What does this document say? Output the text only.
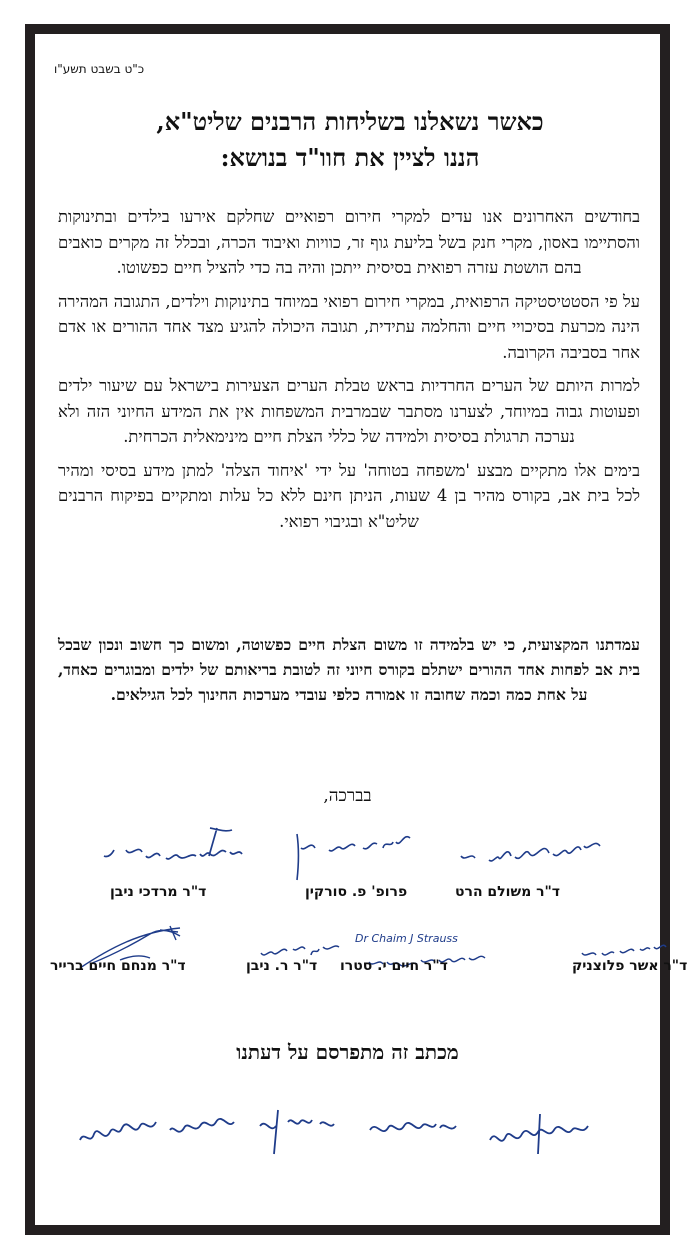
כ"ט בשבט תשע"ו
כאשר נשאלנו בשליחות הרבנים שליט"א,
הננו לציין את חוו"ד בנושא:

בחודשים האחרונים אנו עדים למקרי חירום רפואיים שחלקם אירעו בילדים ובתינוקות והסתיימו באסון, מקרי חנק בשל בליעת גוף זר, כוויות ואיבוד הכרה, ובכלל זה מקרים כואבים בהם הושטת עזרה רפואית בסיסית ייתכן והיה בה כדי להציל חיים כפשוטו.

על פי הסטטיסטיקה הרפואית, במקרי חירום רפואי במיוחד בתינוקות וילדים, התגובה המהירה הינה מכרעת בסיכויי חיים והחלמה עתידית, תגובה היכולה להגיע מצד אחד ההורים או אדם אחר בסביבה הקרובה.

למרות היותם של הערים החרדיות בראש טבלת הערים הצעירות בישראל עם שיעור ילדים ופעוטות גבוה במיוחד, לצערנו מסתבר שבמרבית המשפחות אין את המידע החיוני הזה ולא נערכה תרגולת בסיסית ולמידה של כללי הצלת חיים מינימאלית הכרחית.

בימים אלו מתקיים מבצע 'משפחה בטוחה' על ידי 'איחוד הצלה' למתן מידע בסיסי ומהיר לכל בית אב, בקורס מהיר בן 4 שעות, הניתן חינם ללא כל עלות ומתקיים בפיקוח הרבנים שליט"א ובגיבוי רפואי.

עמדתנו המקצועית, כי יש בלמידה זו משום הצלת חיים כפשוטה, ומשום כך חשוב ונכון שבכל בית אב לפחות אחד ההורים ישתלם בקורס חיוני זה לטובת בריאותם של ילדים ומבוגרים כאחד, על אחת כמה וכמה שחובה זו אמורה כלפי עובדי מערכות החינוך לכל הגילאים.
בברכה,
ד"ר משולם הרט
פרופ' פ. סורקין
ד"ר מרדכי ניבן
Dr Chaim J Strauss
ד"ר אשר פלוצניק
ד"ר חיים י. סטרו
ד"ר ר. ניבן
ד"ר מנחם חיים ברייר
מכתב זה מתפרסם על דעתנו
